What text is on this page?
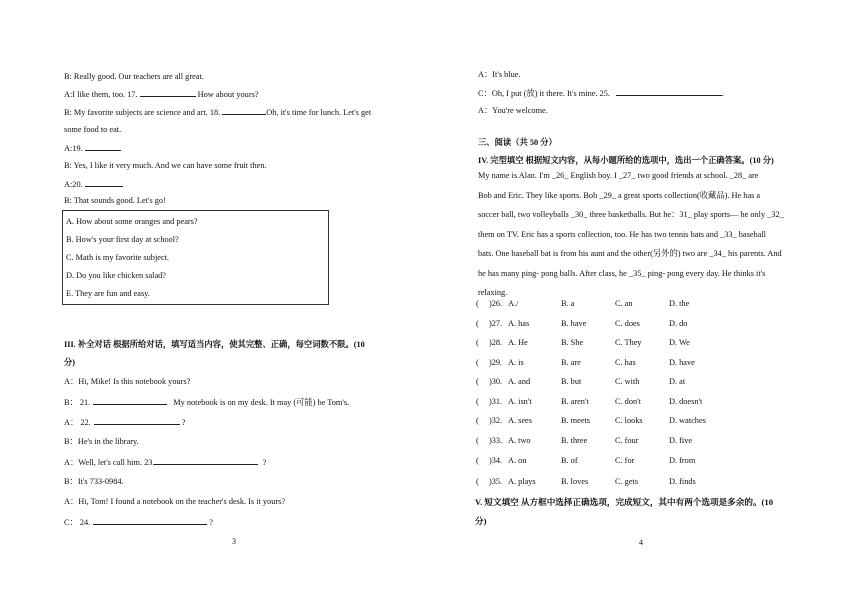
B: Really good. Our teachers are all great.
A:I like them, too. 17.	How about yours?
B: My favorite subjects are science and art. 18.	Oh, it's time for lunch. Let's get
some food to eat.
A:19.
B: Yes, I like it very much. And we can have some fruit then.
A:20.
B: That sounds good. Let's go!
A. How about some oranges and pears?
B. How's your first day at school?
C. Math is my favorite subject.
D. Do you like chicken salad?
E. They are fun and easy.
III. 补全对话 根据所给对话，填写适当内容，使其完整、正确，每空词数不限。(10
分)
A：Hi, Mike! Is this notebook yours?
B： 21.	My notebook is on my desk. It may (可能) be Tom's.
A： 22.	?
B：He's in the library.
A：Well, let's call him. 23.	?
B：It's 733-0984.
A：Hi, Tom! I found a notebook on the teacher's desk. Is it yours?
C： 24.	?
3
A：It's blue.
C：Oh, I put (放) it there. It's mine. 25.	.
A：You're welcome.
三、阅读（共 50 分）
IV. 完型填空 根据短文内容，从每小题所给的选项中，选出一个正确答案。(10 分)
My name is Alan. I'm _26_ English boy. I _27_ two good friends at school. _28_ are
Bob and Eric. They like sports. Bob _29_ a great sports collection(收藏品). He has a
soccer ball, two volleyballs _30_ three basketballs. But he：31_ play sports— he only _32_
them on TV. Eric has a sports collection, too. He has two tennis bats and _33_ baseball
bats. One baseball bat is from his aunt and the other(另外的) two are _34_ his parents. And
he has many ping- pong balls. After class, he _35_ ping- pong every day. He thinks it's
relaxing.
( )26. A./	B. a	C. an	D. the
( )27. A. has	B. have	C. does	D. do
( )28. A. He	B. She	C. They	D. We
( )29. A. is	B. are	C. has	D. have
( )30. A. and	B. but	C. with	D. at
( )31. A. isn't	B. aren't	C. don't	D. doesn't
( )32. A. sees	B. meets	C. looks	D. watches
( )33. A. two	B. three	C. four	D. five
( )34. A. on	B. of	C. for	D. from
( )35. A. plays	B. loves	C. gets	D. finds
V. 短文填空 从方框中选择正确选项，完成短文，其中有两个选项是多余的。(10
分)
4
